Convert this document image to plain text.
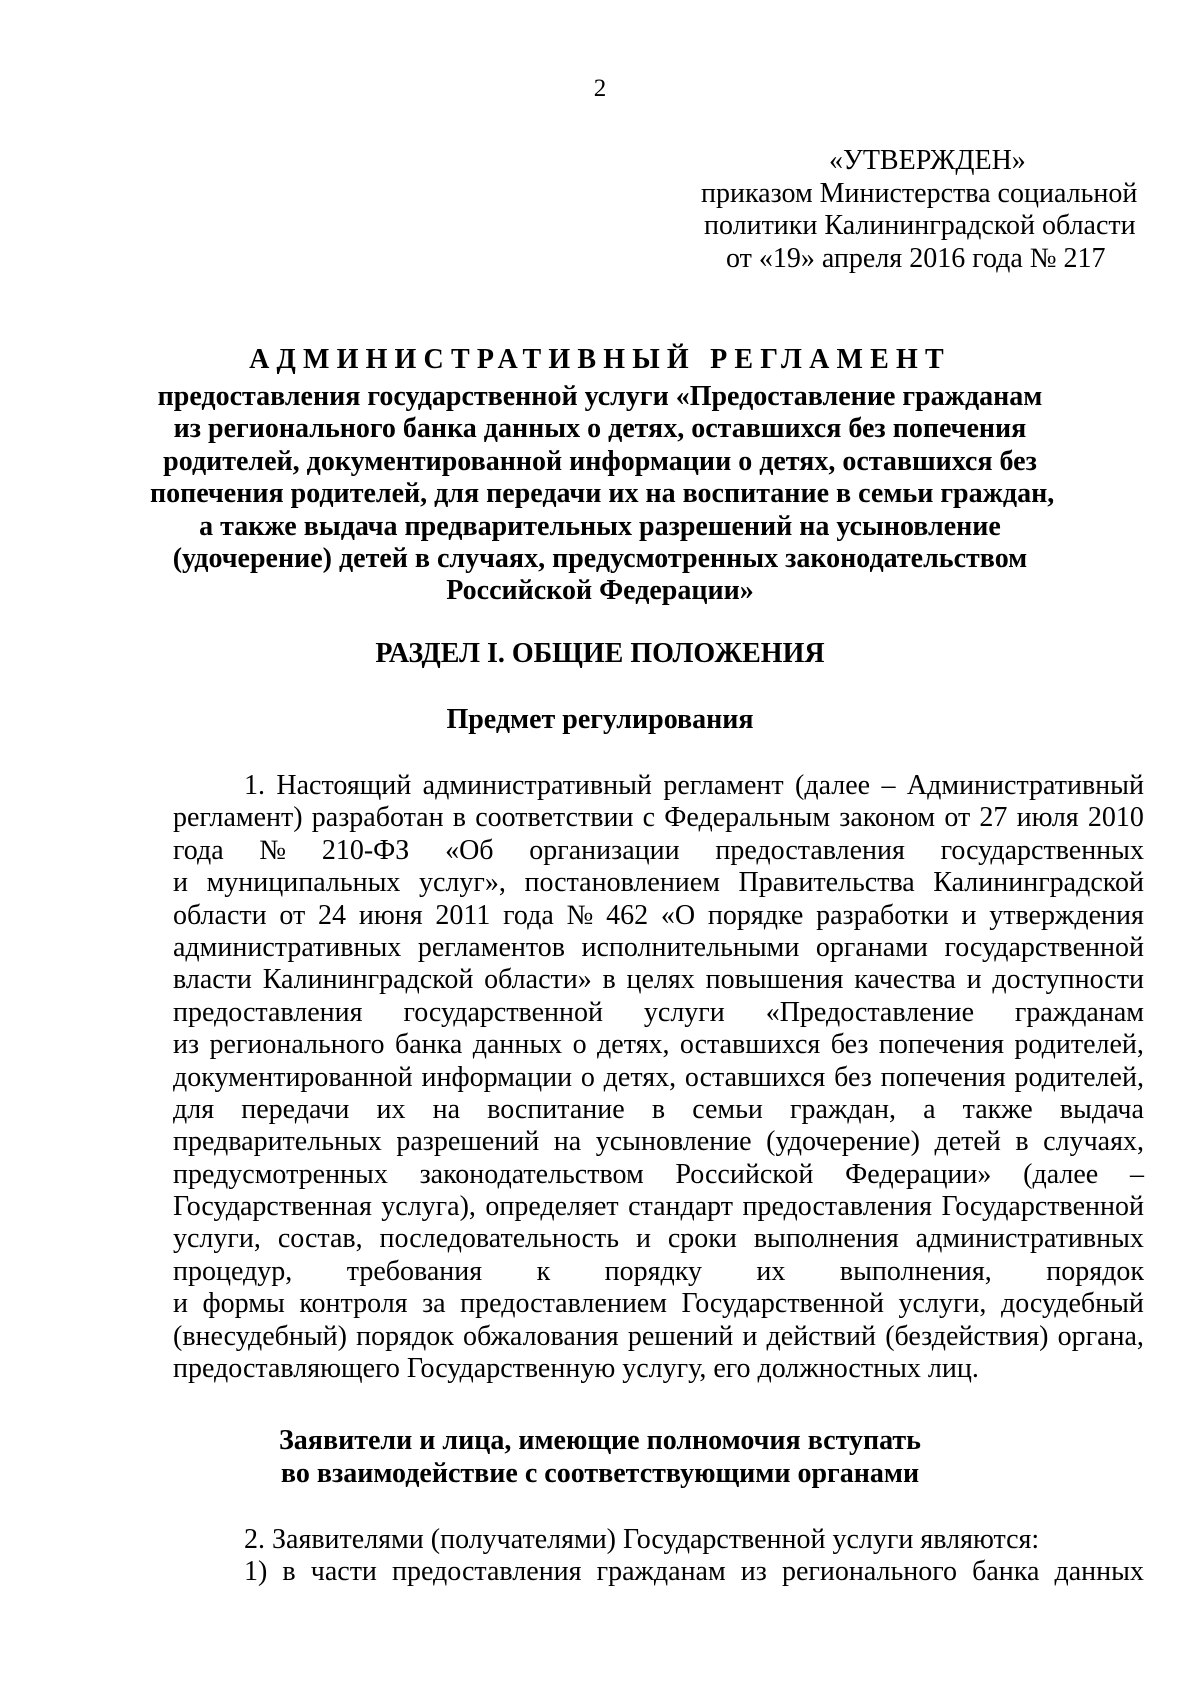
2
«УТВЕРЖДЕН»
приказом Министерства социальной
политики Калининградской области
от «19» апреля 2016 года № 217
АДМИНИСТРАТИВНЫЙ РЕГЛАМЕНТ
предоставления государственной услуги «Предоставление гражданам
из регионального банка данных о детях, оставшихся без попечения
родителей, документированной информации о детях, оставшихся без
попечения родителей, для передачи их на воспитание в семьи граждан,
а также выдача предварительных разрешений на усыновление
(удочерение) детей в случаях, предусмотренных законодательством
Российской Федерации»
РАЗДЕЛ I. ОБЩИЕ ПОЛОЖЕНИЯ
Предмет регулирования
1. Настоящий административный регламент (далее – Административный
регламент) разработан в соответствии с Федеральным законом от 27 июля 2010
года № 210-ФЗ «Об организации предоставления государственных
и муниципальных услуг», постановлением Правительства Калининградской
области от 24 июня 2011 года № 462 «О порядке разработки и утверждения
административных регламентов исполнительными органами государственной
власти Калининградской области» в целях повышения качества и доступности
предоставления государственной услуги «Предоставление гражданам
из регионального банка данных о детях, оставшихся без попечения родителей,
документированной информации о детях, оставшихся без попечения родителей,
для передачи их на воспитание в семьи граждан, а также выдача
предварительных разрешений на усыновление (удочерение) детей в случаях,
предусмотренных законодательством Российской Федерации» (далее –
Государственная услуга), определяет стандарт предоставления Государственной
услуги, состав, последовательность и сроки выполнения административных
процедур, требования к порядку их выполнения, порядок
и формы контроля за предоставлением Государственной услуги, досудебный
(внесудебный) порядок обжалования решений и действий (бездействия) органа,
предоставляющего Государственную услугу, его должностных лиц.
Заявители и лица, имеющие полномочия вступать
во взаимодействие с соответствующими органами
2. Заявителями (получателями) Государственной услуги являются:
1) в части предоставления гражданам из регионального банка данных
